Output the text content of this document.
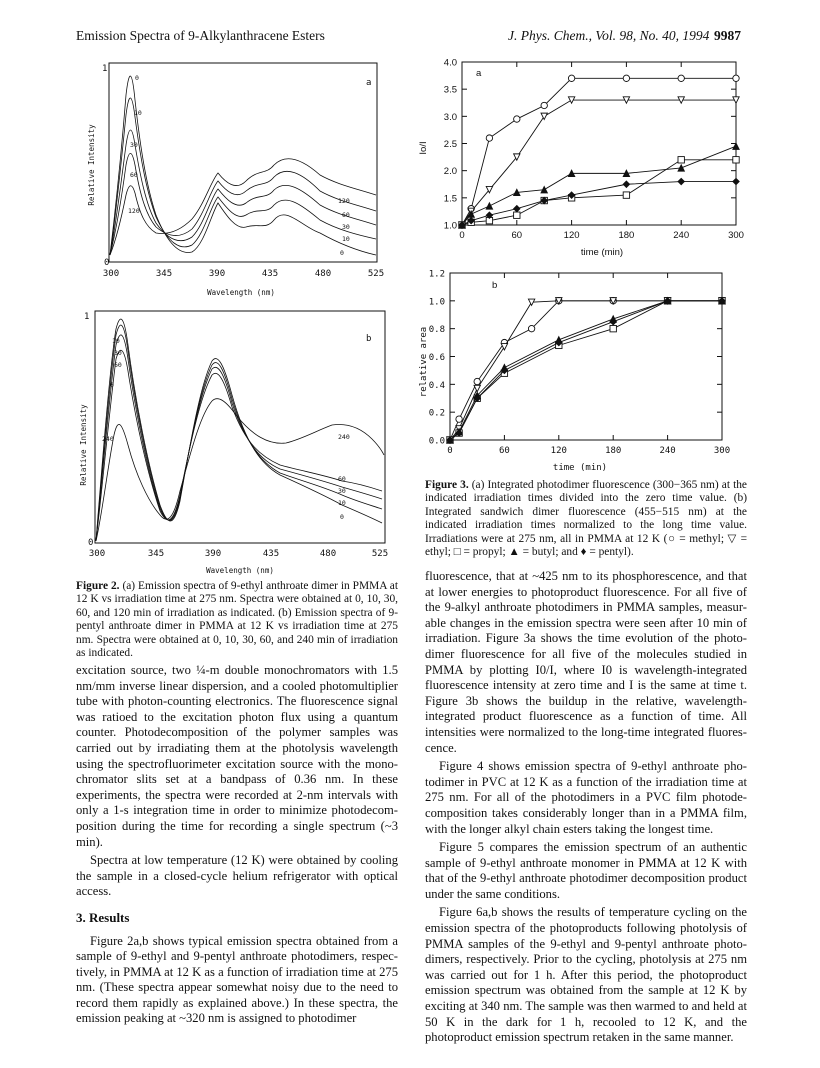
Emission Spectra of 9-Alkylanthracene Esters	J. Phys. Chem., Vol. 98, No. 40, 1994 9987
1
0
Relative Intensity
a
0
10
30
60
120
120
60
30
10
0
300	345	390	435	480	525
Wavelength (nm)
1
0
Relative Intensity
b
10
30
60
0
240	240
60
30
10
0
300	345	390	435	480	525
Wavelength (nm)
Figure 2. (a) Emission spectra of 9-ethyl anthroate dimer in PMMA at 12 K vs irradiation time at 275 nm. Spectra were obtained at 0, 10, 30, 60, and 120 min of irradiation as indicated. (b) Emission spectra of 9-pentyl anthroate dimer in PMMA at 12 K vs irradiation time at 275 nm. Spectra were obtained at 0, 10, 30, 60, and 240 min of irradiation as indicated.

excitation source, two ¼-m double monochromators with 1.5 nm/mm inverse linear dispersion, and a cooled photomultiplier tube with photon-counting electronics. The fluorescence signal was ratioed to the excitation photon flux using a quantum counter. Photodecomposition of the polymer samples was carried out by irradiating them at the photolysis wavelength using the spectrofluorimeter excitation source with the mono-chromator slits set at a bandpass of 0.36 nm. In these experiments, the spectra were recorded at 2-nm intervals with only a 1-s integration time in order to minimize photodecom-position during the time for recording a single spectrum (~3 min).

Spectra at low temperature (12 K) were obtained by cooling the sample in a closed-cycle helium refrigerator with optical access.

3. Results

Figure 2a,b shows typical emission spectra obtained from a sample of 9-ethyl and 9-pentyl anthroate photodimers, respec-tively, in PMMA at 12 K as a function of irradiation time at 275 nm. (These spectra appear somewhat noisy due to the need to record them rapidly as explained above.) In these spectra, the emission peaking at ~320 nm is assigned to photodimer

a
Io/I
1.0
1.5
2.0
2.5
3.0
3.5
4.0
0	60	120	180	240	300
time (min)
b
relative area
0.0
0.2
0.4
0.6
0.8
1.0
1.2
0	60	120	180	240	300
time (min)
Figure 3. (a) Integrated photodimer fluorescence (300−365 nm) at the indicated irradiation times divided into the zero time value. (b) Integrated sandwich dimer fluorescence (455−515 nm) at the indicated irradiation times normalized to the long time value. Irradiations were at 275 nm, all in PMMA at 12 K (○ = methyl; ▽ = ethyl; □ = propyl; ▲ = butyl; and ♦ = pentyl).

fluorescence, that at ~425 nm to its phosphorescence, and that at lower energies to photoproduct fluorescence. For all five of the 9-alkyl anthroate photodimers in PMMA samples, measur-able changes in the emission spectra were seen after 10 min of irradiation. Figure 3a shows the time evolution of the photo-dimer fluorescence for all five of the molecules studied in PMMA by plotting I0/I, where I0 is wavelength-integrated fluorescence intensity at zero time and I is the same at time t. Figure 3b shows the buildup in the relative, wavelength-integrated product fluorescence as a function of time. All intensities were normalized to the long-time integrated fluores-cence.

Figure 4 shows emission spectra of 9-ethyl anthroate pho-todimer in PVC at 12 K as a function of the irradiation time at 275 nm. For all of the photodimers in a PVC film photode-composition takes considerably longer than in a PMMA film, with the longer alkyl chain esters taking the longest time.

Figure 5 compares the emission spectrum of an authentic sample of 9-ethyl anthroate monomer in PMMA at 12 K with that of the 9-ethyl anthroate photodimer decomposition product under the same conditions.

Figure 6a,b shows the results of temperature cycling on the emission spectra of the photoproducts following photolysis of PMMA samples of the 9-ethyl and 9-pentyl anthroate photo-dimers, respectively. Prior to the cycling, photolysis at 275 nm was carried out for 1 h. After this period, the photoproduct emission spectrum was obtained from the sample at 12 K by exciting at 340 nm. The sample was then warmed to and held at 50 K in the dark for 1 h, recooled to 12 K, and the photoproduct emission spectrum retaken in the same manner.
